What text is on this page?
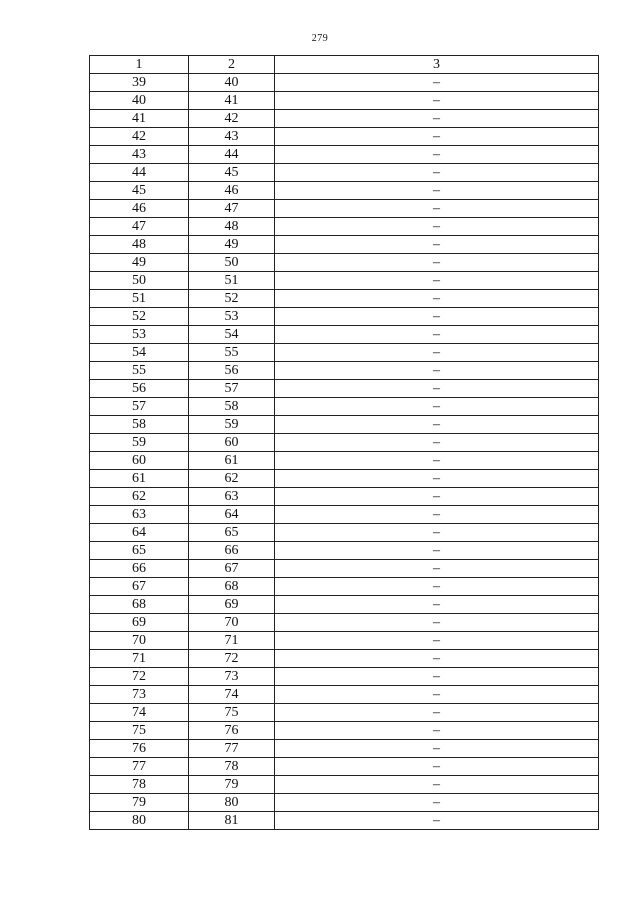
279
1	2	3
39	40	–
40	41	–
41	42	–
42	43	–
43	44	–
44	45	–
45	46	–
46	47	–
47	48	–
48	49	–
49	50	–
50	51	–
51	52	–
52	53	–
53	54	–
54	55	–
55	56	–
56	57	–
57	58	–
58	59	–
59	60	–
60	61	–
61	62	–
62	63	–
63	64	–
64	65	–
65	66	–
66	67	–
67	68	–
68	69	–
69	70	–
70	71	–
71	72	–
72	73	–
73	74	–
74	75	–
75	76	–
76	77	–
77	78	–
78	79	–
79	80	–
80	81	–
